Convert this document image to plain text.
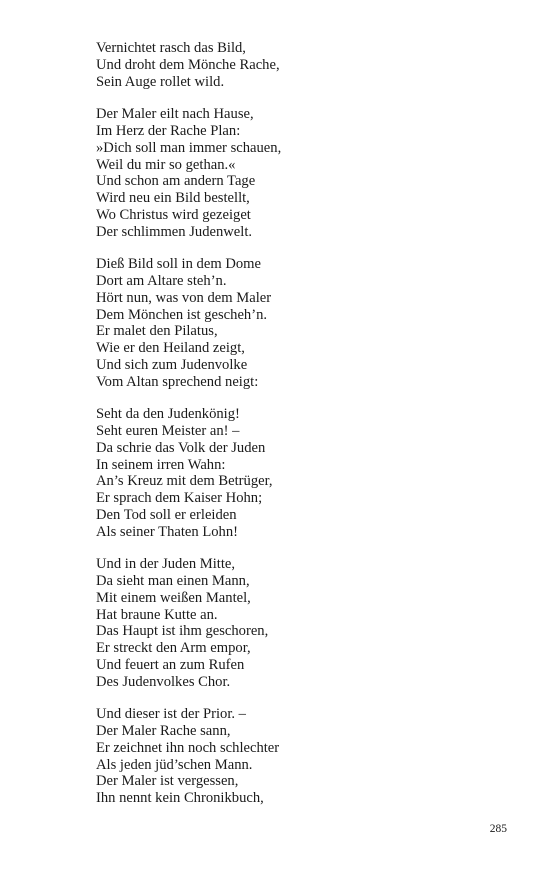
Vernichtet rasch das Bild,
Und droht dem Mönche Rache,
Sein Auge rollet wild.
Der Maler eilt nach Hause,
Im Herz der Rache Plan:
»Dich soll man immer schauen,
Weil du mir so gethan.«
Und schon am andern Tage
Wird neu ein Bild bestellt,
Wo Christus wird gezeiget
Der schlimmen Judenwelt.
Dieß Bild soll in dem Dome
Dort am Altare steh’n.
Hört nun, was von dem Maler
Dem Mönchen ist gescheh’n.
Er malet den Pilatus,
Wie er den Heiland zeigt,
Und sich zum Judenvolke
Vom Altan sprechend neigt:
Seht da den Judenkönig!
Seht euren Meister an! –
Da schrie das Volk der Juden
In seinem irren Wahn:
An’s Kreuz mit dem Betrüger,
Er sprach dem Kaiser Hohn;
Den Tod soll er erleiden
Als seiner Thaten Lohn!
Und in der Juden Mitte,
Da sieht man einen Mann,
Mit einem weißen Mantel,
Hat braune Kutte an.
Das Haupt ist ihm geschoren,
Er streckt den Arm empor,
Und feuert an zum Rufen
Des Judenvolkes Chor.
Und dieser ist der Prior. –
Der Maler Rache sann,
Er zeichnet ihn noch schlechter
Als jeden jüd’schen Mann.
Der Maler ist vergessen,
Ihn nennt kein Chronikbuch,
285
